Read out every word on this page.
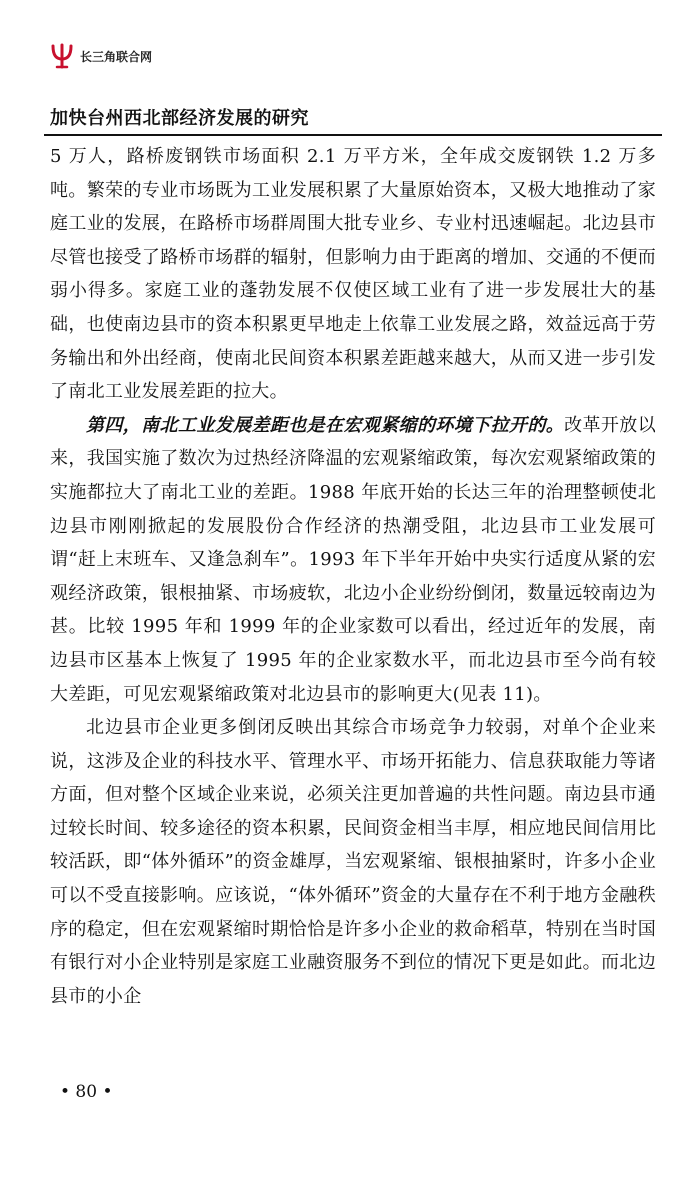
长三角联合网
加快台州西北部经济发展的研究

5 万人，路桥废钢铁市场面积 2.1 万平方米，全年成交废钢铁 1.2 万多吨。繁荣的专业市场既为工业发展积累了大量原始资本，又极大地推动了家庭工业的发展，在路桥市场群周围大批专业乡、专业村迅速崛起。北边县市尽管也接受了路桥市场群的辐射，但影响力由于距离的增加、交通的不便而弱小得多。家庭工业的蓬勃发展不仅使区域工业有了进一步发展壮大的基础，也使南边县市的资本积累更早地走上依靠工业发展之路，效益远高于劳务输出和外出经商，使南北民间资本积累差距越来越大，从而又进一步引发了南北工业发展差距的拉大。

第四，南北工业发展差距也是在宏观紧缩的环境下拉开的。改革开放以来，我国实施了数次为过热经济降温的宏观紧缩政策，每次宏观紧缩政策的实施都拉大了南北工业的差距。1988 年底开始的长达三年的治理整顿使北边县市刚刚掀起的发展股份合作经济的热潮受阻，北边县市工业发展可谓“赶上末班车、又逢急刹车”。1993 年下半年开始中央实行适度从紧的宏观经济政策，银根抽紧、市场疲软，北边小企业纷纷倒闭，数量远较南边为甚。比较 1995 年和 1999 年的企业家数可以看出，经过近年的发展，南边县市区基本上恢复了 1995 年的企业家数水平，而北边县市至今尚有较大差距，可见宏观紧缩政策对北边县市的影响更大(见表 11)。

北边县市企业更多倒闭反映出其综合市场竞争力较弱，对单个企业来说，这涉及企业的科技水平、管理水平、市场开拓能力、信息获取能力等诸方面，但对整个区域企业来说，必须关注更加普遍的共性问题。南边县市通过较长时间、较多途径的资本积累，民间资金相当丰厚，相应地民间信用比较活跃，即“体外循环”的资金雄厚，当宏观紧缩、银根抽紧时，许多小企业可以不受直接影响。应该说，“体外循环”资金的大量存在不利于地方金融秩序的稳定，但在宏观紧缩时期恰恰是许多小企业的救命稻草，特别在当时国有银行对小企业特别是家庭工业融资服务不到位的情况下更是如此。而北边县市的小企

• 80 •
